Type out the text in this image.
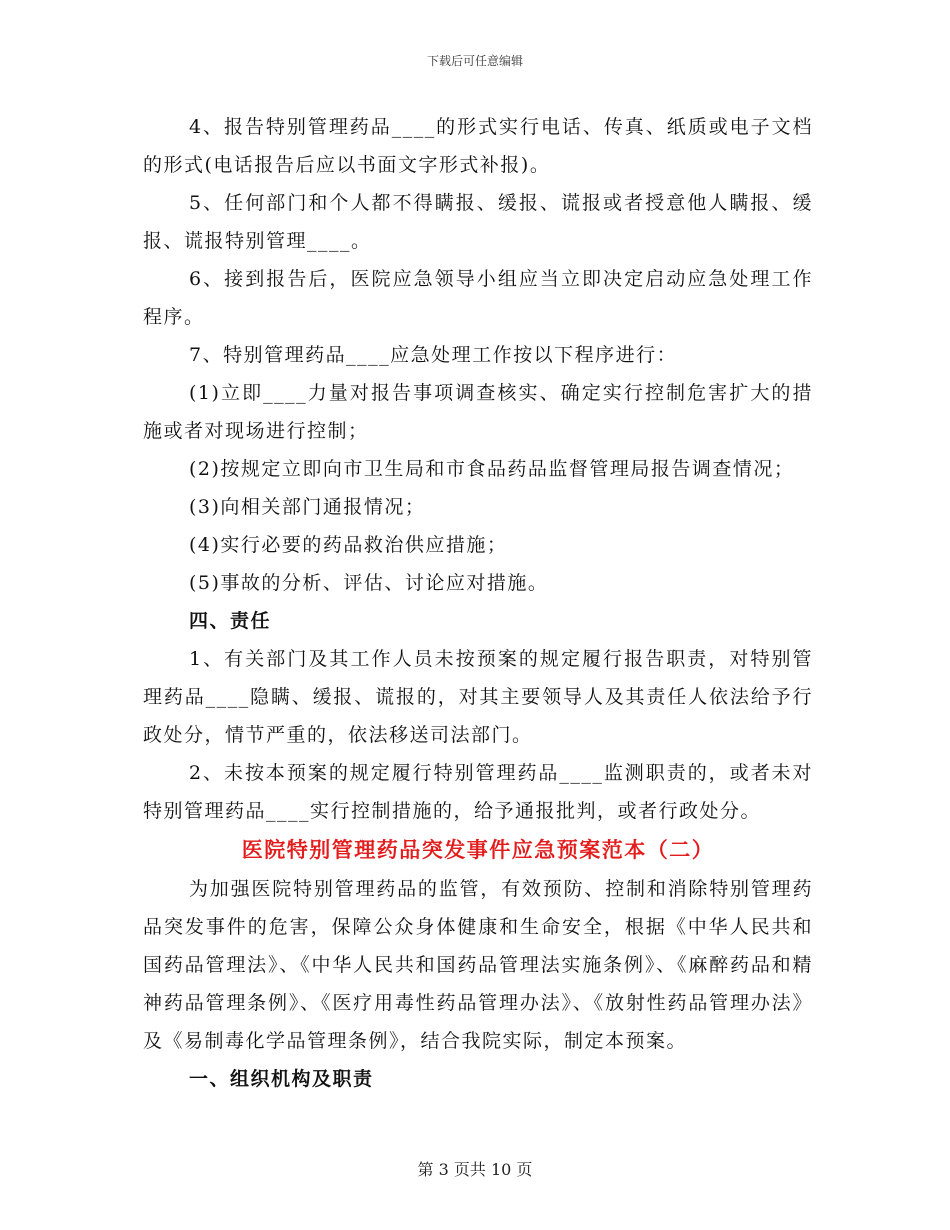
下载后可任意编辑

4、报告特别管理药品____的形式实行电话、传真、纸质或电子文档的形式(电话报告后应以书面文字形式补报)。

5、任何部门和个人都不得瞒报、缓报、谎报或者授意他人瞒报、缓报、谎报特别管理____。

6、接到报告后，医院应急领导小组应当立即决定启动应急处理工作程序。

7、特别管理药品____应急处理工作按以下程序进行：

(1)立即____力量对报告事项调查核实、确定实行控制危害扩大的措施或者对现场进行控制；

(2)按规定立即向市卫生局和市食品药品监督管理局报告调查情况；

(3)向相关部门通报情况；

(4)实行必要的药品救治供应措施；

(5)事故的分析、评估、讨论应对措施。

四、责任

1、有关部门及其工作人员未按预案的规定履行报告职责，对特别管理药品____隐瞒、缓报、谎报的，对其主要领导人及其责任人依法给予行政处分，情节严重的，依法移送司法部门。

2、未按本预案的规定履行特别管理药品____监测职责的，或者未对特别管理药品____实行控制措施的，给予通报批判，或者行政处分。

医院特别管理药品突发事件应急预案范本（二）

为加强医院特别管理药品的监管，有效预防、控制和消除特别管理药品突发事件的危害，保障公众身体健康和生命安全，根据《中华人民共和国药品管理法》、《中华人民共和国药品管理法实施条例》、《麻醉药品和精神药品管理条例》、《医疗用毒性药品管理办法》、《放射性药品管理办法》及《易制毒化学品管理条例》，结合我院实际，制定本预案。

一、组织机构及职责

第 3 页共 10 页
